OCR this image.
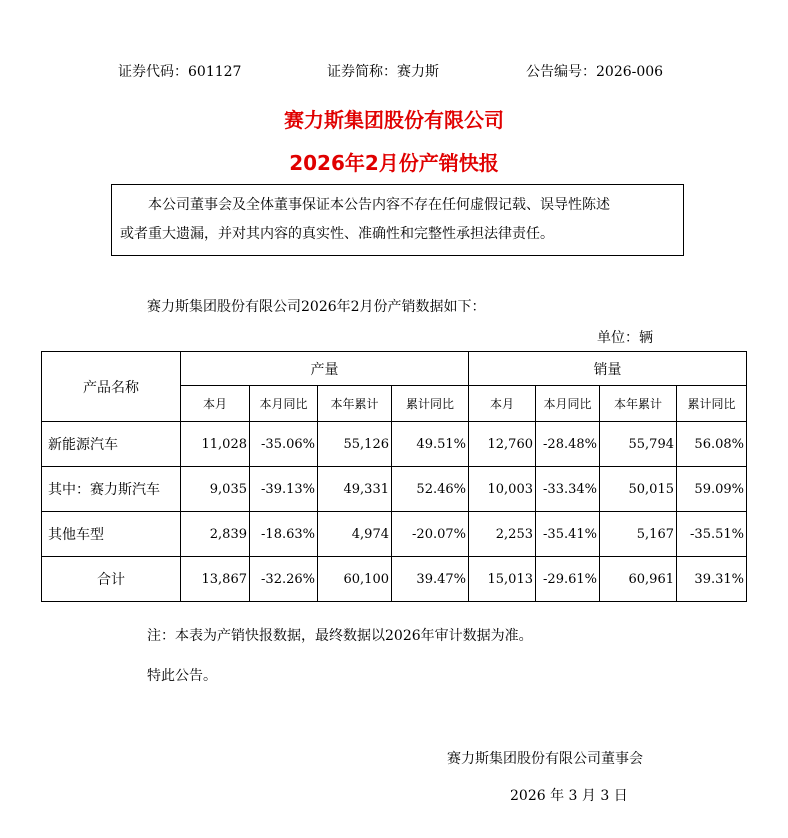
证券代码：601127	证券简称：赛力斯	公告编号：2026-006
赛力斯集团股份有限公司
2026年2月份产销快报
本公司董事会及全体董事保证本公告内容不存在任何虚假记载、误导性陈述
或者重大遗漏，并对其内容的真实性、准确性和完整性承担法律责任。
赛力斯集团股份有限公司2026年2月份产销数据如下：
单位：辆
产品名称	产量				销量			
	本月	本月同比	本年累计	累计同比	本月	本月同比	本年累计	累计同比
新能源汽车	11,028	-35.06%	55,126	49.51%	12,760	-28.48%	55,794	56.08%
其中：赛力斯汽车	9,035	-39.13%	49,331	52.46%	10,003	-33.34%	50,015	59.09%
其他车型	2,839	-18.63%	4,974	-20.07%	2,253	-35.41%	5,167	-35.51%
合计	13,867	-32.26%	60,100	39.47%	15,013	-29.61%	60,961	39.31%
注：本表为产销快报数据，最终数据以2026年审计数据为准。
特此公告。
赛力斯集团股份有限公司董事会
2026 年 3 月 3 日
